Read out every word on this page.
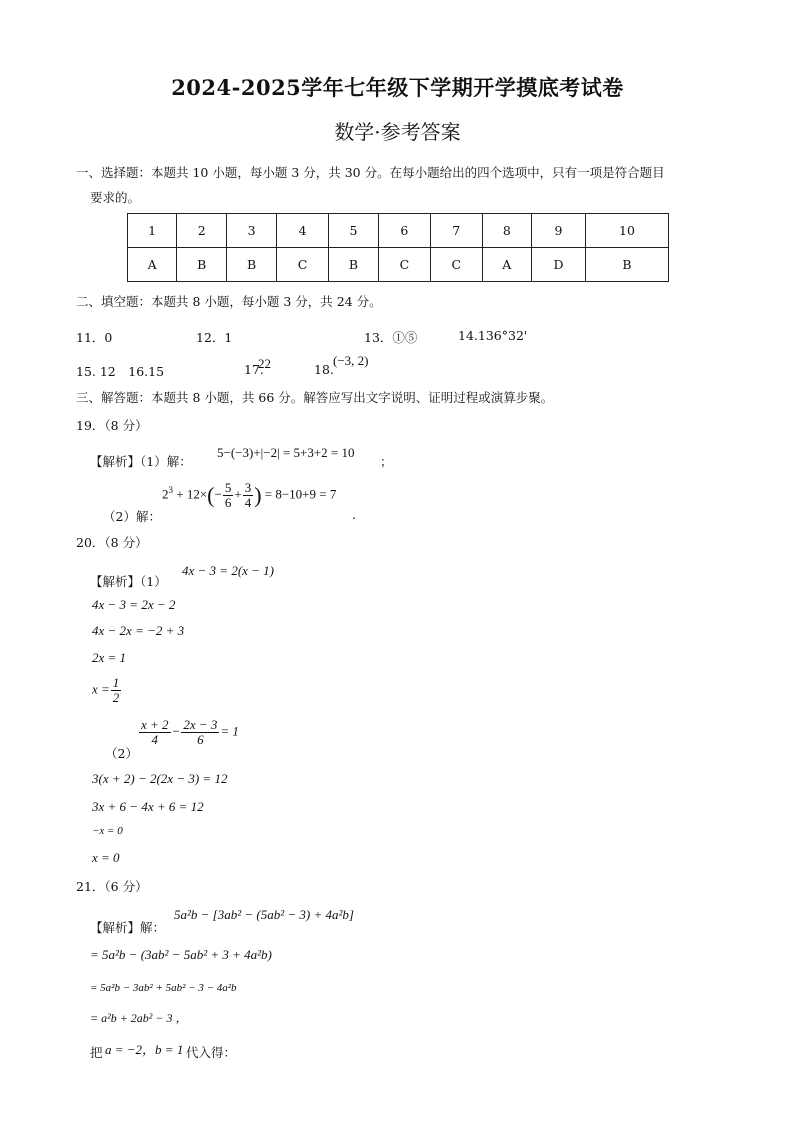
2024-2025学年七年级下学期开学摸底考试卷
数学·参考答案
一、选择题：本题共 10 小题，每小题 3 分，共 30 分。在每小题给出的四个选项中，只有一项是符合题目
要求的。
1	2	3	4	5	6	7	8	9	10
A	B	B	C	B	C	C	A	D	B
二、填空题：本题共 8 小题，每小题 3 分，共 24 分。
11．0	12．1	13．①⑤	14.136°32'
15. 12　16.15	17.
22	18.
(−3, 2)
三、解答题：本题共 8 小题，共 66 分。解答应写出文字说明、证明过程或演算步聚。
19．（8 分）
【解析】（1）解：
5−(−3)+|−2| = 5+3+2 = 10
；
（2）解：
$2^3 + 12\times(- \frac{5}{6} + \frac{3}{4}$ ) = 8−10+9 = 7
.
20．（8 分）
【解析】（1）
4x − 3 = 2(x − 1)
4x − 3 = 2x − 2
4x − 2x = −2 + 3
2x = 1
$x = \frac{1}{2}$
（2）
$\frac{x + 2}{4} - \frac{2x - 3}{6} = 1$
3(x + 2) − 2(2x − 3) = 12
3x + 6 − 4x + 6 = 12
−x = 0
x = 0
21．（6 分）
【解析】解：
5a²b − [3ab² − (5ab² − 3) + 4a²b]
= 5a²b − (3ab² − 5ab² + 3 + 4a²b)
= 5a²b − 3ab² + 5ab² − 3 − 4a²b
= a²b + 2ab² − 3 ，
把 a = −2，b = 1 代入得：
